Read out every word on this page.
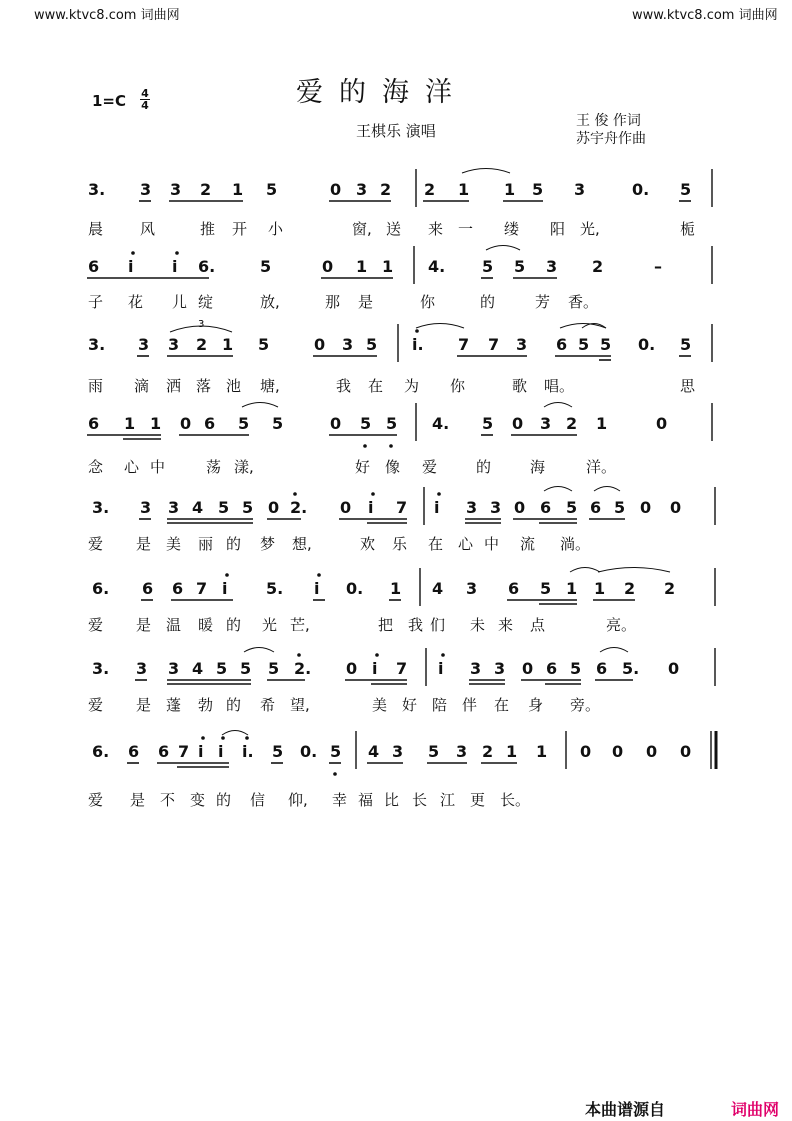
www.ktvc8.com 词曲网	www.ktvc8.com 词曲网
1=C 4
4	爱的海洋
王棋乐 演唱
王 俊 作词
苏宇舟作曲
3. 3 3 2 1 5	0 3 2 2 1 1 5 3	0. 5
晨 风	推 开 小	窗, 送 来 一 缕 阳 光,	栀
6 i i 6.	5	0 1 1 4. 5 5 3 2	–
子 花 儿 绽	放,	那 是	你	的	芳 香。
3. 3 3 2 1 5	0 3 5 i. 7 7 3 6 5 5 0. 5
雨 滴 洒 落 池 塘,	我 在 为 你	歌 唱。	思
6 1 1 0 6 5 5	0 5 5 4. 5 0 3 2 1	0
念 心 中	荡 漾,	好 像 爱	的	海	洋。
3. 3 3 4 5 5 0 2. 0 i 7 i 3 3 0 6 5 6 5 0 0
爱 是 美 丽 的 梦 想,	欢 乐 在 心 中 流 淌。
6. 6 6 7 i 5. i 0. 1 4 3 6 5 1 1 2 2
爱 是 温 暖 的 光 芒,	把 我 们 未 来 点	亮。
3. 3 3 4 5 5 5 2. 0 i 7 i 3 3 0 6 5 6 5. 0
爱 是 蓬 勃 的 希 望,	美 好 陪 伴 在 身 旁。
6. 6 6 7 i i i. 5 0. 5 4 3 5 3 2 1 1 0 0 0 0
爱 是 不 变 的 信 仰, 幸 福 比 长 江 更 长。
3
本曲谱源自	词曲网
